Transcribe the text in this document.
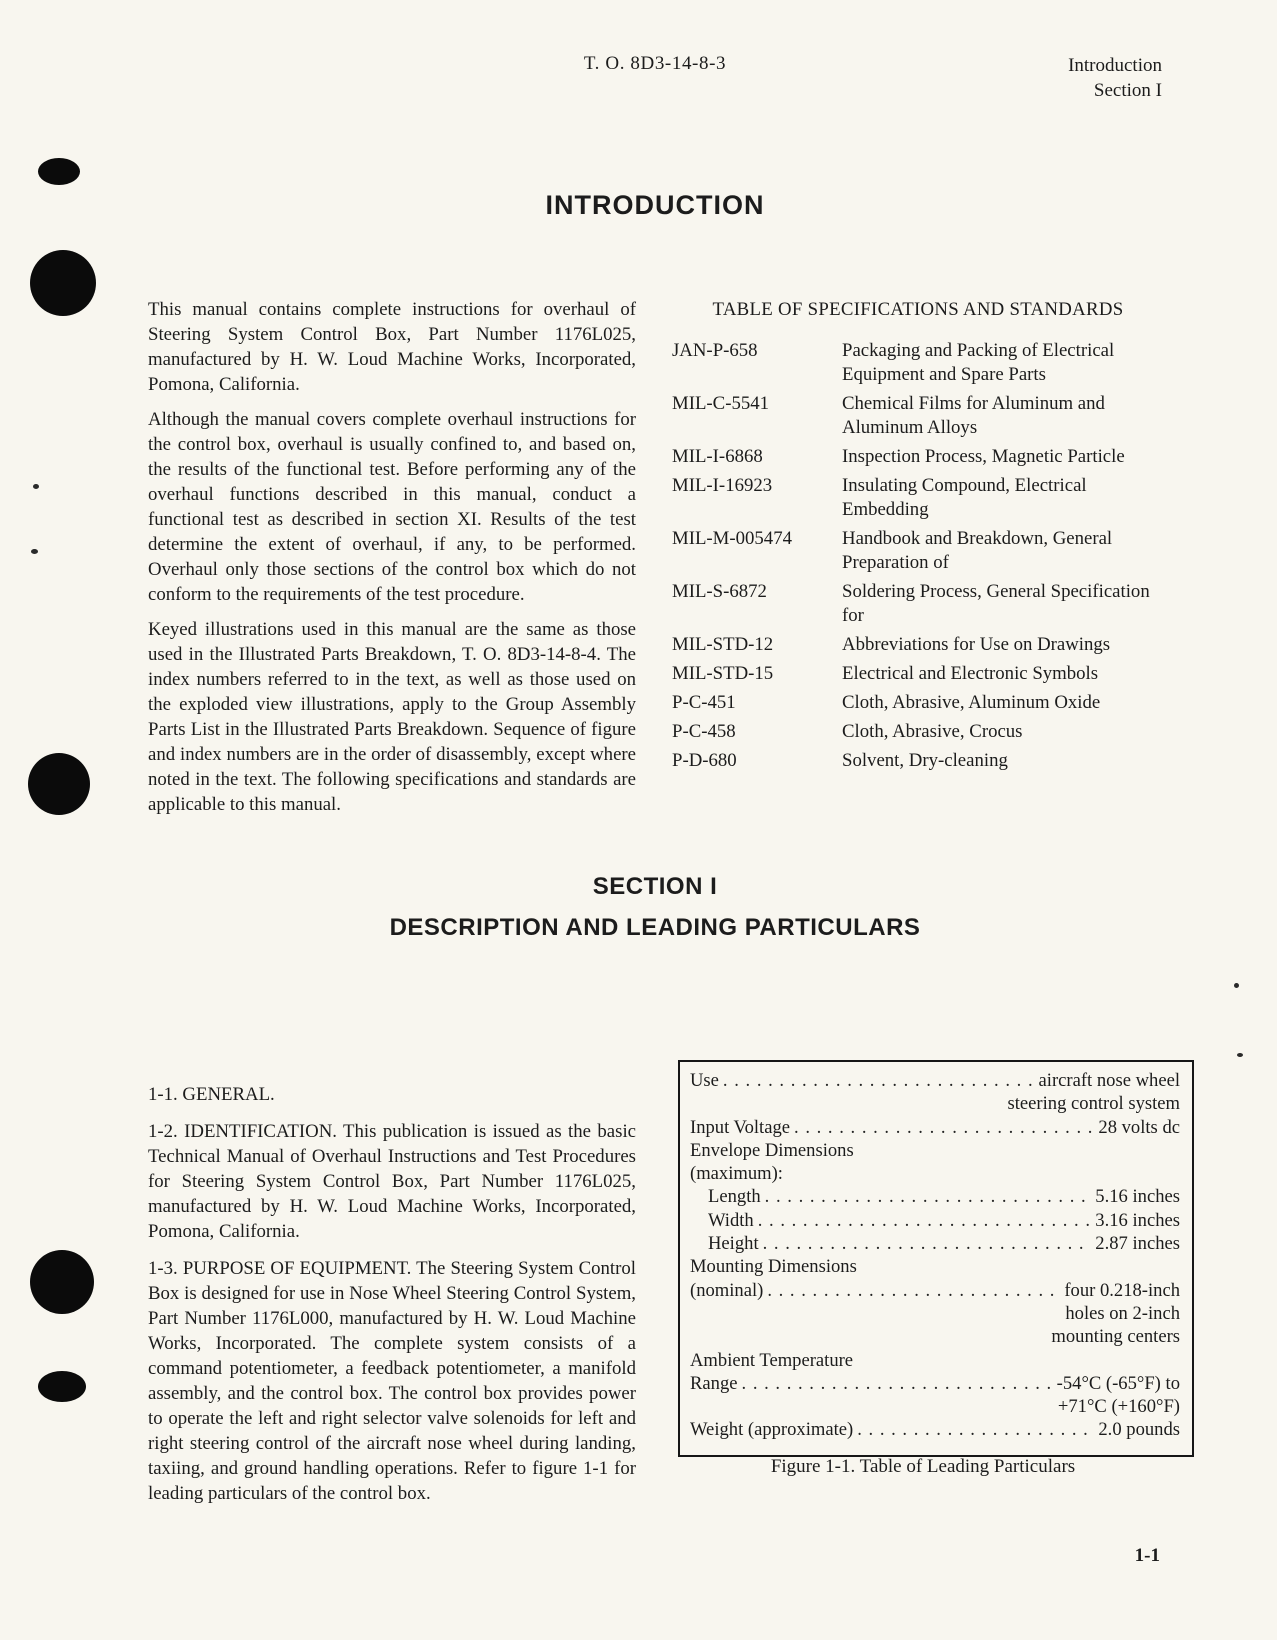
T. O. 8D3-14-8-3	Introduction
Section I
INTRODUCTION

This manual contains complete instructions for overhaul of Steering System Control Box, Part Number 1176L025, manufactured by H. W. Loud Machine Works, Incorporated, Pomona, California.

Although the manual covers complete overhaul instructions for the control box, overhaul is usually confined to, and based on, the results of the functional test. Before performing any of the overhaul functions described in this manual, conduct a functional test as described in section XI. Results of the test determine the extent of overhaul, if any, to be performed. Overhaul only those sections of the control box which do not conform to the requirements of the test procedure.

Keyed illustrations used in this manual are the same as those used in the Illustrated Parts Breakdown, T. O. 8D3-14-8-4. The index numbers referred to in the text, as well as those used on the exploded view illustrations, apply to the Group Assembly Parts List in the Illustrated Parts Breakdown. Sequence of figure and index numbers are in the order of disassembly, except where noted in the text. The following specifications and standards are applicable to this manual.

TABLE OF SPECIFICATIONS AND STANDARDS
JAN-P-658	Packaging and Packing of Electrical Equipment and Spare Parts
MIL-C-5541	Chemical Films for Aluminum and Aluminum Alloys
MIL-I-6868	Inspection Process, Magnetic Particle
MIL-I-16923	Insulating Compound, Electrical Embedding
MIL-M-005474	Handbook and Breakdown, General Preparation of
MIL-S-6872	Soldering Process, General Specification for
MIL-STD-12	Abbreviations for Use on Drawings
MIL-STD-15	Electrical and Electronic Symbols
P-C-451	Cloth, Abrasive, Aluminum Oxide
P-C-458	Cloth, Abrasive, Crocus
P-D-680	Solvent, Dry-cleaning
SECTION I
DESCRIPTION AND LEADING PARTICULARS

1-1. GENERAL.

1-2. IDENTIFICATION. This publication is issued as the basic Technical Manual of Overhaul Instructions and Test Procedures for Steering System Control Box, Part Number 1176L025, manufactured by H. W. Loud Machine Works, Incorporated, Pomona, California.

1-3. PURPOSE OF EQUIPMENT. The Steering System Control Box is designed for use in Nose Wheel Steering Control System, Part Number 1176L000, manufactured by H. W. Loud Machine Works, Incorporated. The complete system consists of a command potentiometer, a feedback potentiometer, a manifold assembly, and the control box. The control box provides power to operate the left and right selector valve solenoids for left and right steering control of the aircraft nose wheel during landing, taxiing, and ground handling operations. Refer to figure 1-1 for leading particulars of the control box.

Use . . .	aircraft nose wheel
steering control system
Input Voltage . . .	28 volts dc
Envelope Dimensions
(maximum):
Length . . .	5.16 inches
Width . . .	3.16 inches
Height . . .	2.87 inches
Mounting Dimensions
(nominal) . . .	four 0.218-inch
holes on 2-inch
mounting centers
Ambient Temperature
Range . . .	-54°C (-65°F) to
+71°C (+160°F)
Weight (approximate) . . .	2.0 pounds
Figure 1-1. Table of Leading Particulars
1-1
